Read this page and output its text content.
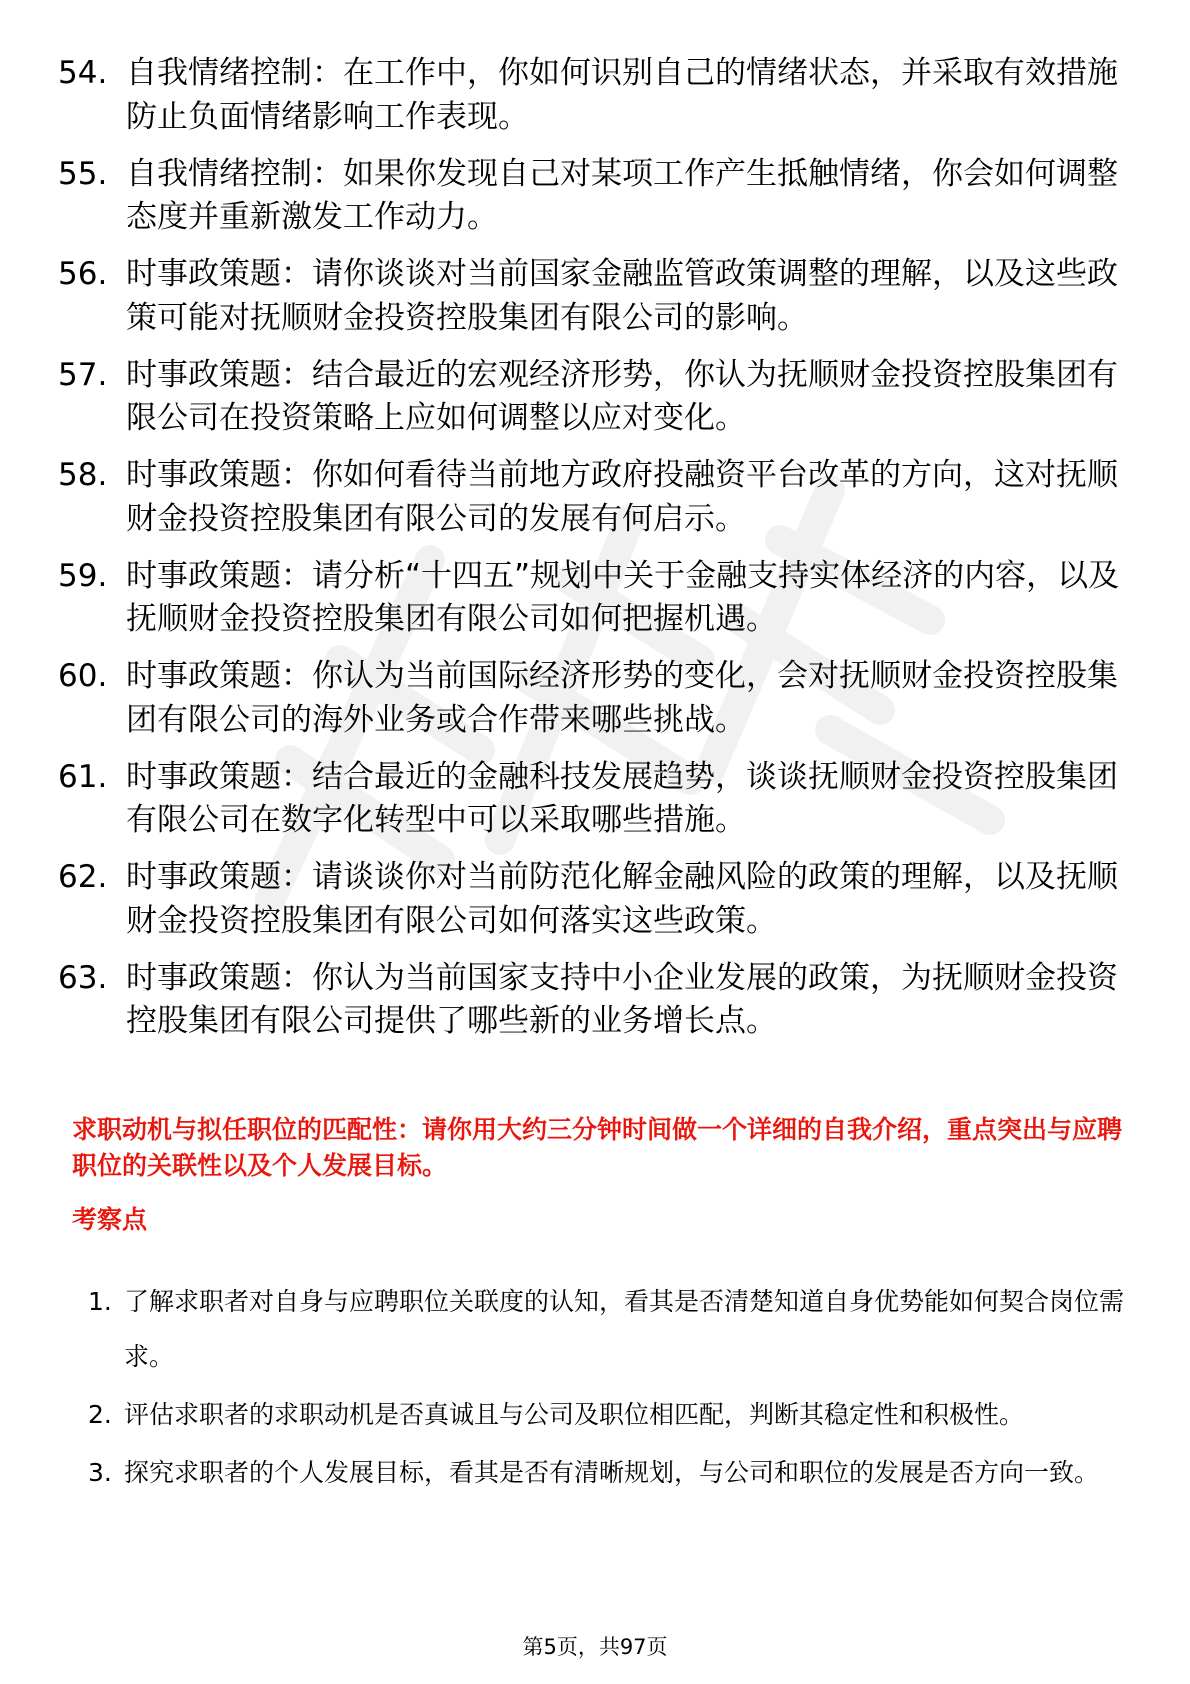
54. 自我情绪控制：在工作中，你如何识别自己的情绪状态，并采取有效措施防止负面情绪影响工作表现。
55. 自我情绪控制：如果你发现自己对某项工作产生抵触情绪，你会如何调整态度并重新激发工作动力。
56. 时事政策题：请你谈谈对当前国家金融监管政策调整的理解，以及这些政策可能对抚顺财金投资控股集团有限公司的影响。
57. 时事政策题：结合最近的宏观经济形势，你认为抚顺财金投资控股集团有限公司在投资策略上应如何调整以应对变化。
58. 时事政策题：你如何看待当前地方政府投融资平台改革的方向，这对抚顺财金投资控股集团有限公司的发展有何启示。
59. 时事政策题：请分析“十四五”规划中关于金融支持实体经济的内容，以及抚顺财金投资控股集团有限公司如何把握机遇。
60. 时事政策题：你认为当前国际经济形势的变化，会对抚顺财金投资控股集团有限公司的海外业务或合作带来哪些挑战。
61. 时事政策题：结合最近的金融科技发展趋势，谈谈抚顺财金投资控股集团有限公司在数字化转型中可以采取哪些措施。
62. 时事政策题：请谈谈你对当前防范化解金融风险的政策的理解，以及抚顺财金投资控股集团有限公司如何落实这些政策。
63. 时事政策题：你认为当前国家支持中小企业发展的政策，为抚顺财金投资控股集团有限公司提供了哪些新的业务增长点。

求职动机与拟任职位的匹配性：请你用大约三分钟时间做一个详细的自我介绍，重点突出与应聘职位的关联性以及个人发展目标。

考察点

1. 了解求职者对自身与应聘职位关联度的认知，看其是否清楚知道自身优势能如何契合岗位需求。
2. 评估求职者的求职动机是否真诚且与公司及职位相匹配，判断其稳定性和积极性。
3. 探究求职者的个人发展目标，看其是否有清晰规划，与公司和职位的发展是否方向一致。
第5页，共97页
